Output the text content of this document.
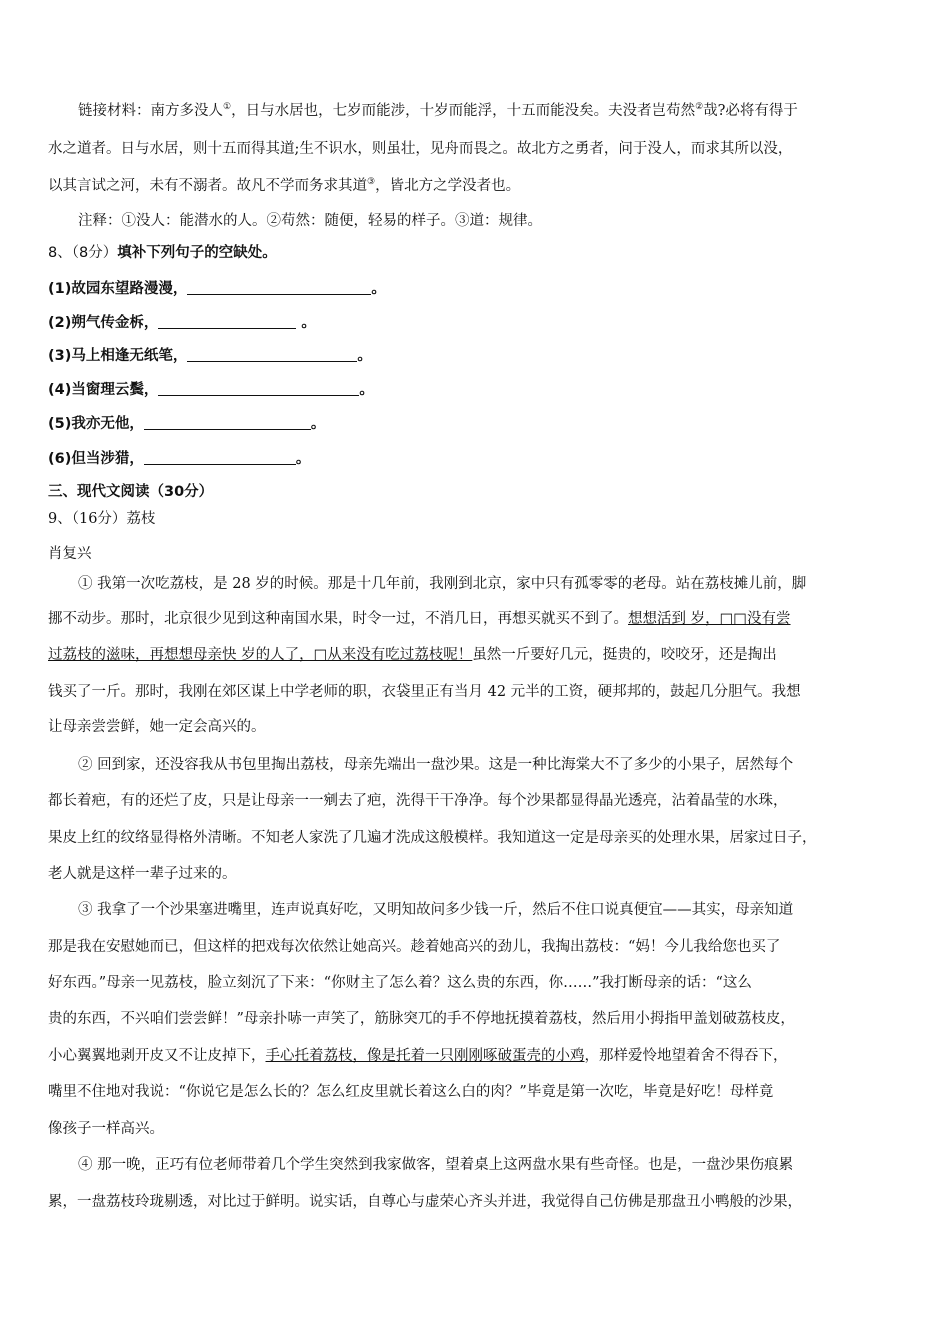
链接材料：南方多没人①，日与水居也，七岁而能涉，十岁而能浮，十五而能没矣。夫没者岂苟然②哉?必将有得于
水之道者。日与水居，则十五而得其道;生不识水，则虽壮，见舟而畏之。故北方之勇者，问于没人，而求其所以没，
以其言试之河，未有不溺者。故凡不学而务求其道③，皆北方之学没者也。
注释：①没人：能潜水的人。②苟然：随便，轻易的样子。③道：规律。
8、（8分）填补下列句子的空缺处。
(1)故园东望路漫漫，	。
(2)朔气传金柝，	。
(3)马上相逢无纸笔，	。
(4)当窗理云鬓，	。
(5)我亦无他，	。
(6)但当涉猎，	。
三、现代文阅读（30分）
9、（16分）荔枝
肖复兴
① 我第一次吃荔枝，是 28 岁的时候。那是十几年前，我刚到北京，家中只有孤零零的老母。站在荔枝摊儿前，脚
挪不动步。那时，北京很少见到这种南国水果，时令一过，不消几日，再想买就买不到了。想想活到 岁，□□没有尝
过荔枝的滋味，再想想母亲快 岁的人了，□从来没有吃过荔枝呢！虽然一斤要好几元，挺贵的，咬咬牙，还是掏出
钱买了一斤。那时，我刚在郊区谋上中学老师的职，衣袋里正有当月 42 元半的工资，硬邦邦的，鼓起几分胆气。我想
让母亲尝尝鲜，她一定会高兴的。
② 回到家，还没容我从书包里掏出荔枝，母亲先端出一盘沙果。这是一种比海棠大不了多少的小果子，居然每个
都长着疤，有的还烂了皮，只是让母亲一一剜去了疤，洗得干干净净。每个沙果都显得晶光透亮，沾着晶莹的水珠，
果皮上红的纹络显得格外清晰。不知老人家洗了几遍才洗成这般模样。我知道这一定是母亲买的处理水果，居家过日子，
老人就是这样一辈子过来的。
③ 我拿了一个沙果塞进嘴里，连声说真好吃，又明知故问多少钱一斤，然后不住口说真便宜——其实，母亲知道
那是我在安慰她而已，但这样的把戏每次依然让她高兴。趁着她高兴的劲儿，我掏出荔枝：“妈！今儿我给您也买了
好东西。”母亲一见荔枝，脸立刻沉了下来：“你财主了怎么着？这么贵的东西，你……”我打断母亲的话：“这么
贵的东西，不兴咱们尝尝鲜！”母亲扑哧一声笑了，筋脉突兀的手不停地抚摸着荔枝，然后用小拇指甲盖划破荔枝皮，
小心翼翼地剥开皮又不让皮掉下，手心托着荔枝，像是托着一只刚刚啄破蛋壳的小鸡，那样爱怜地望着舍不得吞下，
嘴里不住地对我说：“你说它是怎么长的？怎么红皮里就长着这么白的肉？”毕竟是第一次吃，毕竟是好吃！母样竟
像孩子一样高兴。
④ 那一晚，正巧有位老师带着几个学生突然到我家做客，望着桌上这两盘水果有些奇怪。也是，一盘沙果伤痕累
累，一盘荔枝玲珑剔透，对比过于鲜明。说实话，自尊心与虚荣心齐头并进，我觉得自己仿佛是那盘丑小鸭般的沙果，
